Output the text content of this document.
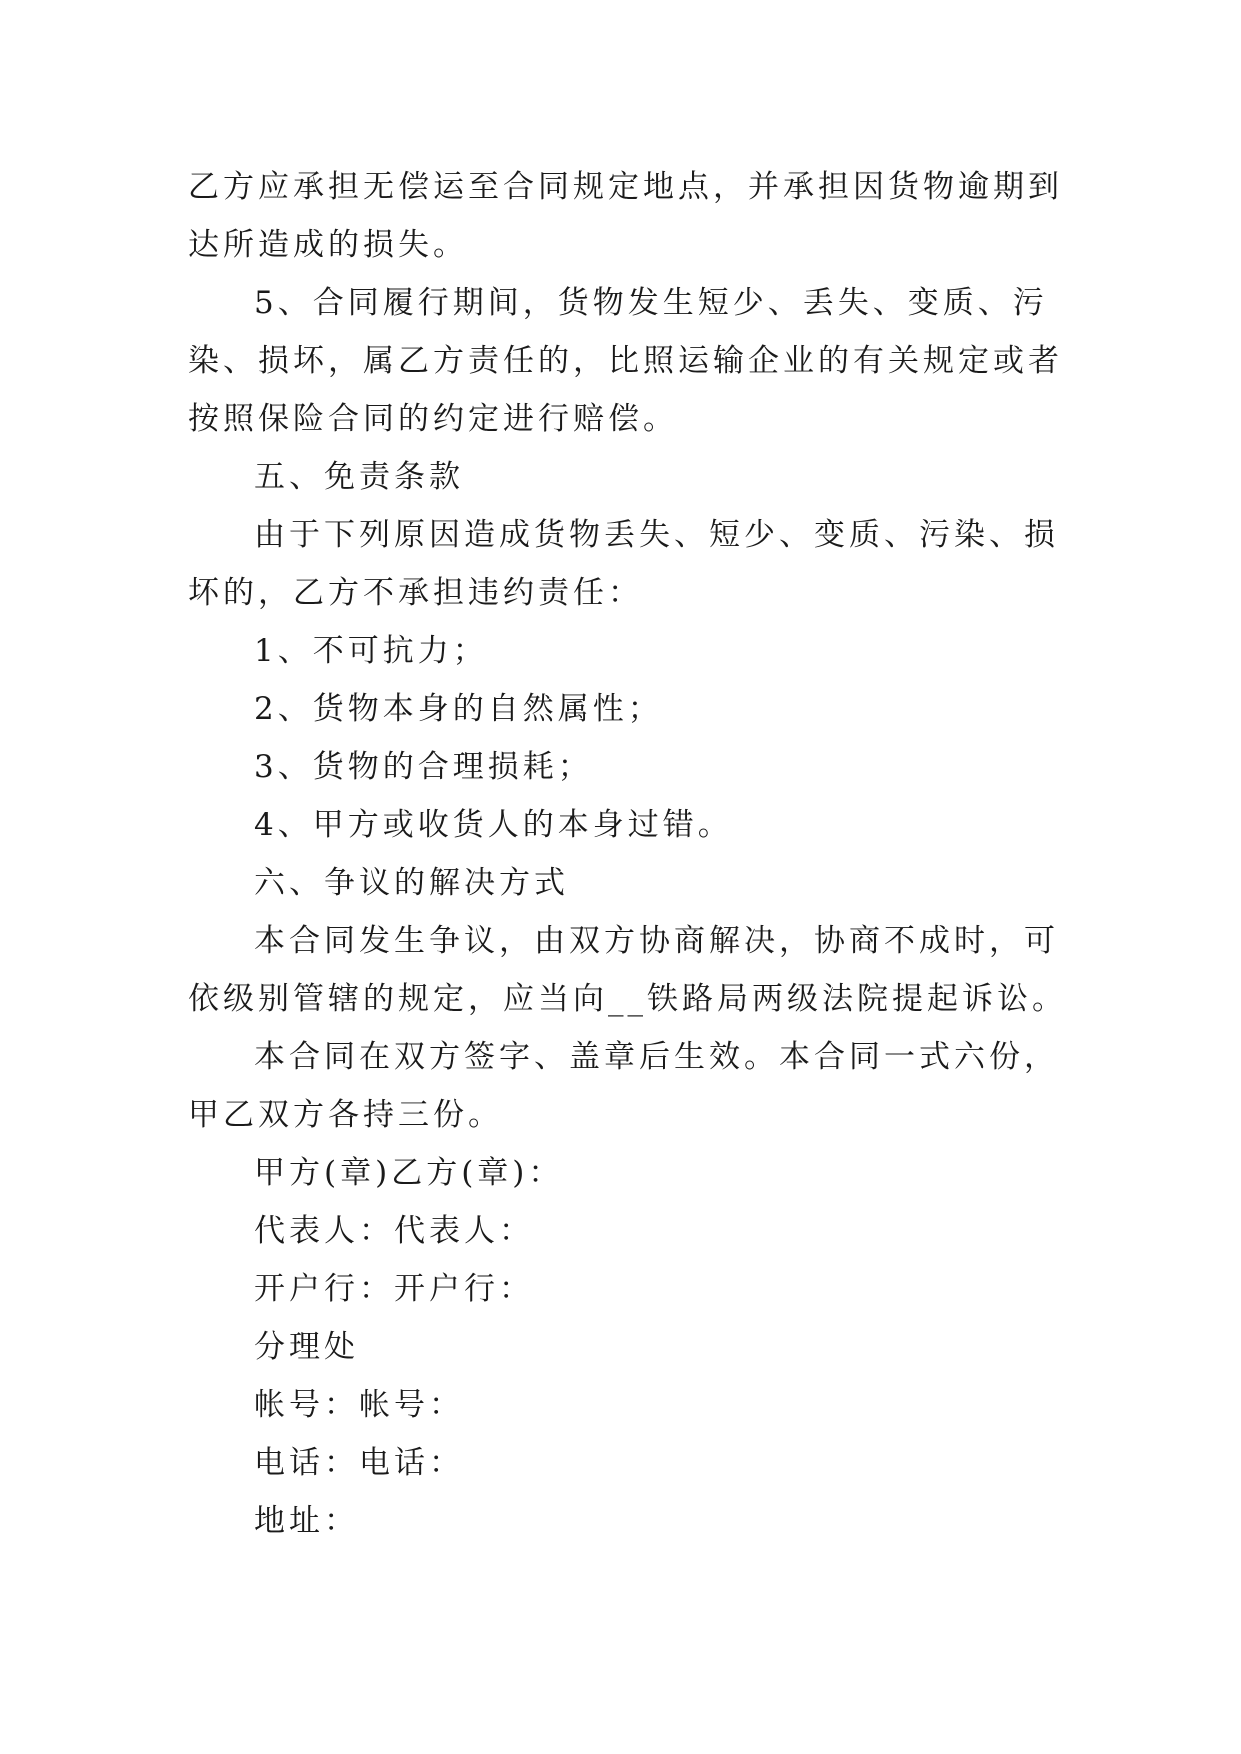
乙方应承担无偿运至合同规定地点，并承担因货物逾期到达所造成的损失。

5、合同履行期间，货物发生短少、丢失、变质、污染、损坏，属乙方责任的，比照运输企业的有关规定或者按照保险合同的约定进行赔偿。

五、免责条款

由于下列原因造成货物丢失、短少、变质、污染、损坏的，乙方不承担违约责任：

1、不可抗力；

2、货物本身的自然属性；

3、货物的合理损耗；

4、甲方或收货人的本身过错。

六、争议的解决方式

本合同发生争议，由双方协商解决，协商不成时，可依级别管辖的规定，应当向__铁路局两级法院提起诉讼。

本合同在双方签字、盖章后生效。本合同一式六份，甲乙双方各持三份。

甲方(章)乙方(章)：

代表人：代表人：

开户行：开户行：

分理处

帐号：帐号：

电话：电话：

地址：
